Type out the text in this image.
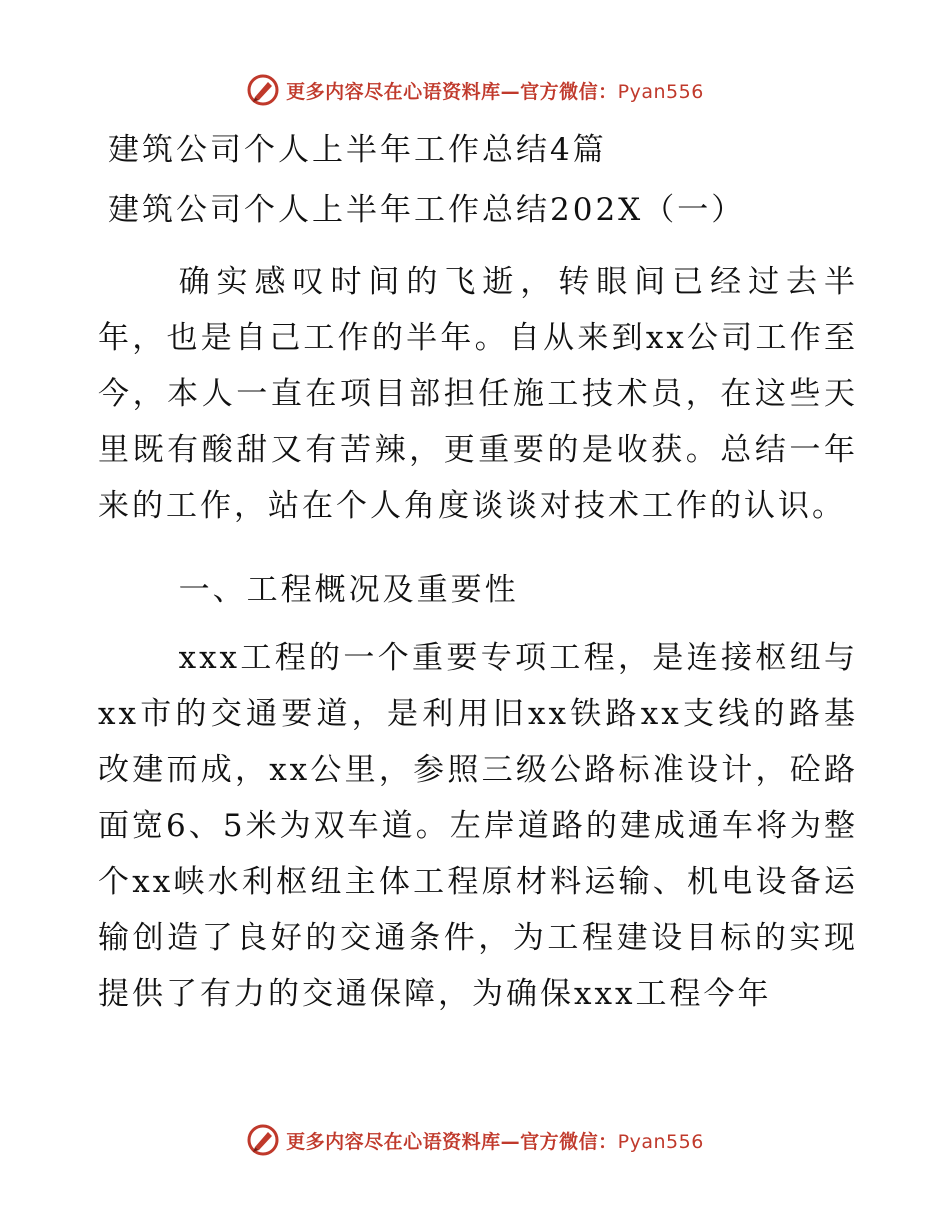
更多内容尽在心语资料库—官方微信：Pyan556
建筑公司个人上半年工作总结4篇
建筑公司个人上半年工作总结202X（一）

确实感叹时间的飞逝，转眼间已经过去半年，也是自己工作的半年。自从来到xx公司工作至今，本人一直在项目部担任施工技术员，在这些天里既有酸甜又有苦辣，更重要的是收获。总结一年来的工作，站在个人角度谈谈对技术工作的认识。

一、工程概况及重要性

xxx工程的一个重要专项工程，是连接枢纽与xx市的交通要道，是利用旧xx铁路xx支线的路基改建而成，xx公里，参照三级公路标准设计，砼路面宽6、5米为双车道。左岸道路的建成通车将为整个xx峡水利枢纽主体工程原材料运输、机电设备运输创造了良好的交通条件，为工程建设目标的实现提供了有力的交通保障，为确保xxx工程今年

更多内容尽在心语资料库—官方微信：Pyan556
